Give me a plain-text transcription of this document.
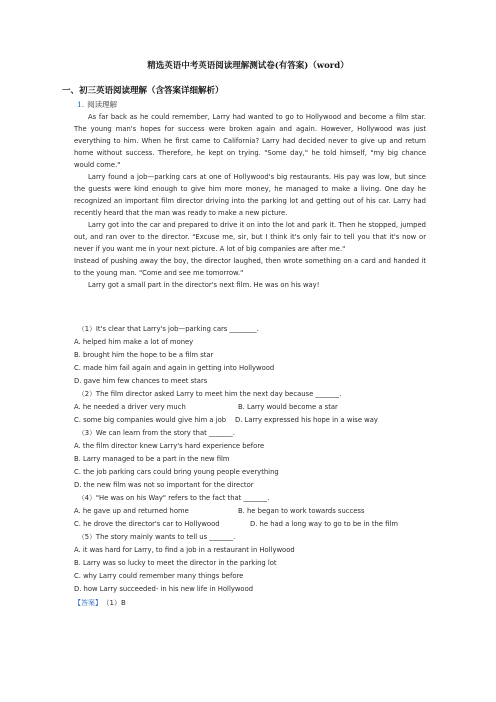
精选英语中考英语阅读理解测试卷(有答案)（word）
一、初三英语阅读理解（含答案详细解析）
1. 阅读理解

As far back as he could remember, Larry had wanted to go to Hollywood and become a film star. The young man's hopes for success were broken again and again. However, Hollywood was just everything to him. When he first came to California? Larry had decided never to give up and return home without success. Therefore, he kept on trying. "Some day," he told himself, "my big chance would come."

Larry found a job—parking cars at one of Hollywood's big restaurants. His pay was low, but since the guests were kind enough to give him more money, he managed to make a living. One day he recognized an important film director driving into the parking lot and getting out of his car. Larry had recently heard that the man was ready to make a new picture.

Larry got into the car and prepared to drive it on into the lot and park it. Then he stopped, jumped out, and ran over to the director. "Excuse me, sir, but I think it's only fair to tell you that it's now or never if you want me in your next picture. A lot of big companies are after me."

Instead of pushing away the boy, the director laughed, then wrote something on a card and handed it to the young man. "Come and see me tomorrow."

Larry got a small part in the director's next film. He was on his way!

（1）It's clear that Larry's job—parking cars ________.
A. helped him make a lot of money
B. brought him the hope to be a film star
C. made him fail again and again in getting into Hollywood
D. gave him few chances to meet stars
（2）The film director asked Larry to meet him the next day because _______.
A. he needed a driver very much	B. Larry would become a star
C. some big companies would give him a job D. Larry expressed his hope in a wise way
（3）We can learn from the story that _______.
A. the film director knew Larry's hard experience before
B. Larry managed to be a part in the new film
C. the job parking cars could bring young people everything
D. the new film was not so important for the director
（4）"He was on his Way" refers to the fact that _______.
A. he gave up and returned home	B. he began to work towards success
C. he drove the director's car to Hollywood	D. he had a long way to go to be in the film
（5）The story mainly wants to tell us _______.
A. it was hard for Larry, to find a job in a restaurant in Hollywood
B. Larry was so lucky to meet the director in the parking lot
C. why Larry could remember many things before
D. how Larry succeeded- in his new life in Hollywood
【答案】 （1）B
